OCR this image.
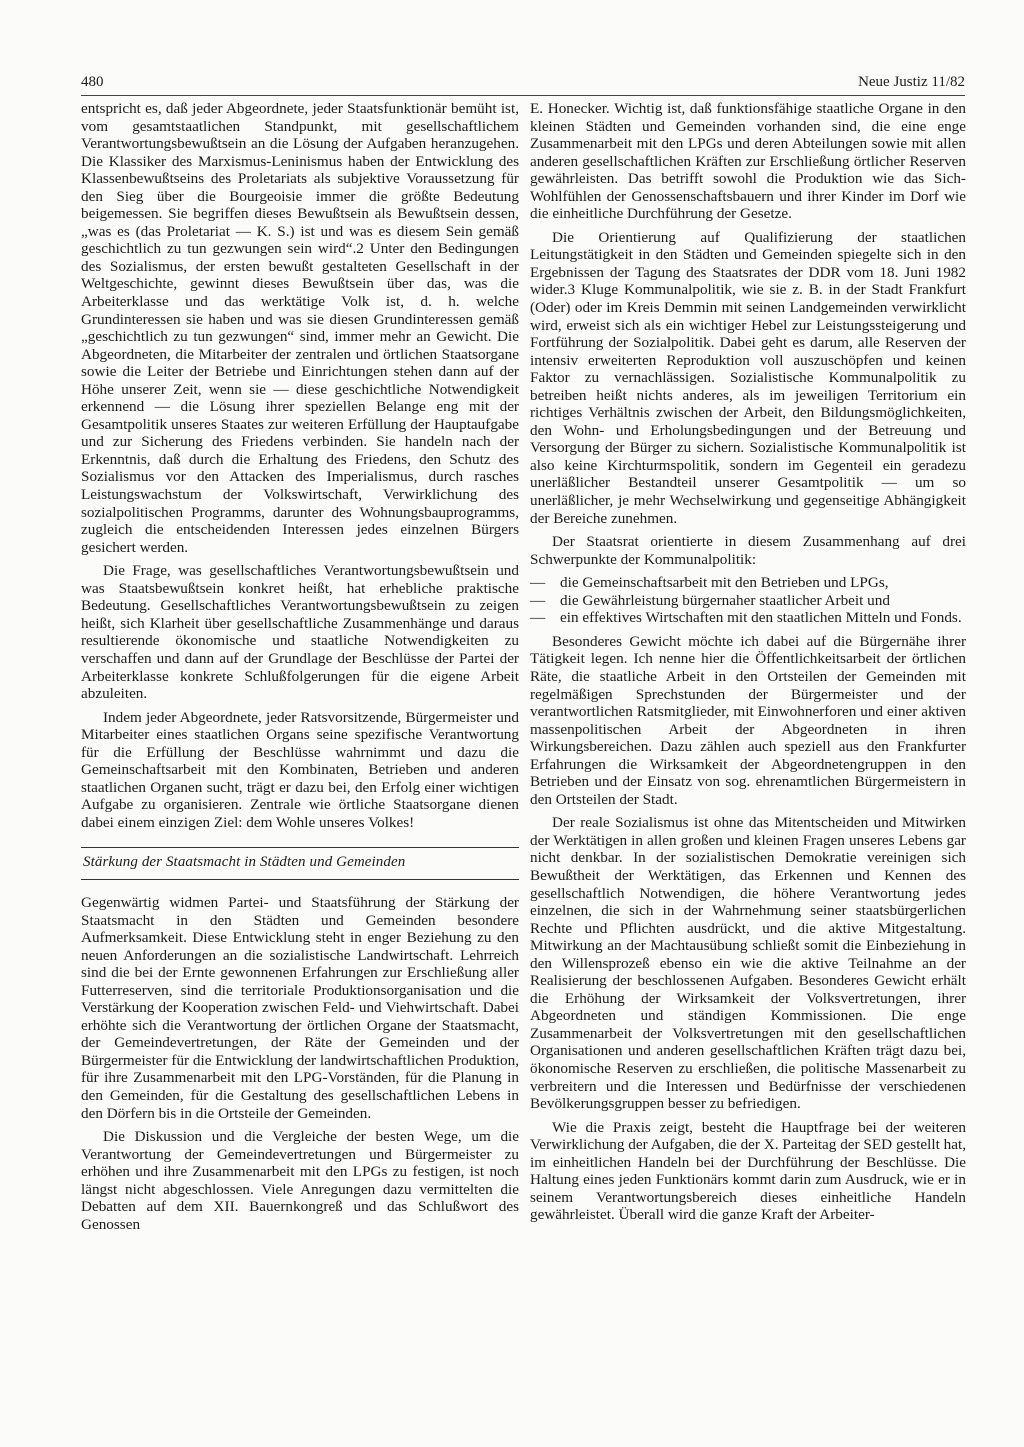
480	Neue Justiz 11/82

entspricht es, daß jeder Abgeordnete, jeder Staatsfunktionär bemüht ist, vom gesamtstaatlichen Standpunkt, mit gesellschaftlichem Verantwortungsbewußtsein an die Lösung der Aufgaben heranzugehen. Die Klassiker des Marxismus-Leninismus haben der Entwicklung des Klassenbewußtseins des Proletariats als subjektive Voraussetzung für den Sieg über die Bourgeoisie immer die größte Bedeutung beigemessen. Sie begriffen dieses Bewußtsein als Bewußtsein dessen, „was es (das Proletariat — K. S.) ist und was es diesem Sein gemäß geschichtlich zu tun gezwungen sein wird“.2 Unter den Bedingungen des Sozialismus, der ersten bewußt gestalteten Gesellschaft in der Weltgeschichte, gewinnt dieses Bewußtsein über das, was die Arbeiterklasse und das werktätige Volk ist, d. h. welche Grundinteressen sie haben und was sie diesen Grundinteressen gemäß „geschichtlich zu tun gezwungen“ sind, immer mehr an Gewicht. Die Abgeordneten, die Mitarbeiter der zentralen und örtlichen Staatsorgane sowie die Leiter der Betriebe und Einrichtungen stehen dann auf der Höhe unserer Zeit, wenn sie — diese geschichtliche Notwendigkeit erkennend — die Lösung ihrer speziellen Belange eng mit der Gesamtpolitik unseres Staates zur weiteren Erfüllung der Hauptaufgabe und zur Sicherung des Friedens verbinden. Sie handeln nach der Erkenntnis, daß durch die Erhaltung des Friedens, den Schutz des Sozialismus vor den Attacken des Imperialismus, durch rasches Leistungswachstum der Volkswirtschaft, Verwirklichung des sozialpolitischen Programms, darunter des Wohnungsbauprogramms, zugleich die entscheidenden Interessen jedes einzelnen Bürgers gesichert werden.

Die Frage, was gesellschaftliches Verantwortungsbewußtsein und was Staatsbewußtsein konkret heißt, hat erhebliche praktische Bedeutung. Gesellschaftliches Verantwortungsbewußtsein zu zeigen heißt, sich Klarheit über gesellschaftliche Zusammenhänge und daraus resultierende ökonomische und staatliche Notwendigkeiten zu verschaffen und dann auf der Grundlage der Beschlüsse der Partei der Arbeiterklasse konkrete Schlußfolgerungen für die eigene Arbeit abzuleiten.

Indem jeder Abgeordnete, jeder Ratsvorsitzende, Bürgermeister und Mitarbeiter eines staatlichen Organs seine spezifische Verantwortung für die Erfüllung der Beschlüsse wahrnimmt und dazu die Gemeinschaftsarbeit mit den Kombinaten, Betrieben und anderen staatlichen Organen sucht, trägt er dazu bei, den Erfolg einer wichtigen Aufgabe zu organisieren. Zentrale wie örtliche Staatsorgane dienen dabei einem einzigen Ziel: dem Wohle unseres Volkes!

Stärkung der Staatsmacht in Städten und Gemeinden

Gegenwärtig widmen Partei- und Staatsführung der Stärkung der Staatsmacht in den Städten und Gemeinden besondere Aufmerksamkeit. Diese Entwicklung steht in enger Beziehung zu den neuen Anforderungen an die sozialistische Landwirtschaft. Lehrreich sind die bei der Ernte gewonnenen Erfahrungen zur Erschließung aller Futterreserven, sind die territoriale Produktionsorganisation und die Verstärkung der Kooperation zwischen Feld- und Viehwirtschaft. Dabei erhöhte sich die Verantwortung der örtlichen Organe der Staatsmacht, der Gemeindevertretungen, der Räte der Gemeinden und der Bürgermeister für die Entwicklung der landwirtschaftlichen Produktion, für ihre Zusammenarbeit mit den LPG-Vorständen, für die Planung in den Gemeinden, für die Gestaltung des gesellschaftlichen Lebens in den Dörfern bis in die Ortsteile der Gemeinden.

Die Diskussion und die Vergleiche der besten Wege, um die Verantwortung der Gemeindevertretungen und Bürgermeister zu erhöhen und ihre Zusammenarbeit mit den LPGs zu festigen, ist noch längst nicht abgeschlossen. Viele Anregungen dazu vermittelten die Debatten auf dem XII. Bauernkongreß und das Schlußwort des Genossen

E. Honecker. Wichtig ist, daß funktionsfähige staatliche Organe in den kleinen Städten und Gemeinden vorhanden sind, die eine enge Zusammenarbeit mit den LPGs und deren Abteilungen sowie mit allen anderen gesellschaftlichen Kräften zur Erschließung örtlicher Reserven gewährleisten. Das betrifft sowohl die Produktion wie das Sich-Wohlfühlen der Genossenschaftsbauern und ihrer Kinder im Dorf wie die einheitliche Durchführung der Gesetze.

Die Orientierung auf Qualifizierung der staatlichen Leitungstätigkeit in den Städten und Gemeinden spiegelte sich in den Ergebnissen der Tagung des Staatsrates der DDR vom 18. Juni 1982 wider.3 Kluge Kommunalpolitik, wie sie z. B. in der Stadt Frankfurt (Oder) oder im Kreis Demmin mit seinen Landgemeinden verwirklicht wird, erweist sich als ein wichtiger Hebel zur Leistungssteigerung und Fortführung der Sozialpolitik. Dabei geht es darum, alle Reserven der intensiv erweiterten Reproduktion voll auszuschöpfen und keinen Faktor zu vernachlässigen. Sozialistische Kommunalpolitik zu betreiben heißt nichts anderes, als im jeweiligen Territorium ein richtiges Verhältnis zwischen der Arbeit, den Bildungsmöglichkeiten, den Wohn- und Erholungsbedingungen und der Betreuung und Versorgung der Bürger zu sichern. Sozialistische Kommunalpolitik ist also keine Kirchturmspolitik, sondern im Gegenteil ein geradezu unerläßlicher Bestandteil unserer Gesamtpolitik — um so unerläßlicher, je mehr Wechselwirkung und gegenseitige Abhängigkeit der Bereiche zunehmen.

Der Staatsrat orientierte in diesem Zusammenhang auf drei Schwerpunkte der Kommunalpolitik:

— die Gemeinschaftsarbeit mit den Betrieben und LPGs,
— die Gewährleistung bürgernaher staatlicher Arbeit und
— ein effektives Wirtschaften mit den staatlichen Mitteln und Fonds.

Besonderes Gewicht möchte ich dabei auf die Bürgernähe ihrer Tätigkeit legen. Ich nenne hier die Öffentlichkeitsarbeit der örtlichen Räte, die staatliche Arbeit in den Ortsteilen der Gemeinden mit regelmäßigen Sprechstunden der Bürgermeister und der verantwortlichen Ratsmitglieder, mit Einwohnerforen und einer aktiven massenpolitischen Arbeit der Abgeordneten in ihren Wirkungsbereichen. Dazu zählen auch speziell aus den Frankfurter Erfahrungen die Wirksamkeit der Abgeordnetengruppen in den Betrieben und der Einsatz von sog. ehrenamtlichen Bürgermeistern in den Ortsteilen der Stadt.

Der reale Sozialismus ist ohne das Mitentscheiden und Mitwirken der Werktätigen in allen großen und kleinen Fragen unseres Lebens gar nicht denkbar. In der sozialistischen Demokratie vereinigen sich Bewußtheit der Werktätigen, das Erkennen und Kennen des gesellschaftlich Notwendigen, die höhere Verantwortung jedes einzelnen, die sich in der Wahrnehmung seiner staatsbürgerlichen Rechte und Pflichten ausdrückt, und die aktive Mitgestaltung. Mitwirkung an der Machtausübung schließt somit die Einbeziehung in den Willensprozeß ebenso ein wie die aktive Teilnahme an der Realisierung der beschlossenen Aufgaben. Besonderes Gewicht erhält die Erhöhung der Wirksamkeit der Volksvertretungen, ihrer Abgeordneten und ständigen Kommissionen. Die enge Zusammenarbeit der Volksvertretungen mit den gesellschaftlichen Organisationen und anderen gesellschaftlichen Kräften trägt dazu bei, ökonomische Reserven zu erschließen, die politische Massenarbeit zu verbreitern und die Interessen und Bedürfnisse der verschiedenen Bevölkerungsgruppen besser zu befriedigen.

Wie die Praxis zeigt, besteht die Hauptfrage bei der weiteren Verwirklichung der Aufgaben, die der X. Parteitag der SED gestellt hat, im einheitlichen Handeln bei der Durchführung der Beschlüsse. Die Haltung eines jeden Funktionärs kommt darin zum Ausdruck, wie er in seinem Verantwortungsbereich dieses einheitliche Handeln gewährleistet. Überall wird die ganze Kraft der Arbeiter-
